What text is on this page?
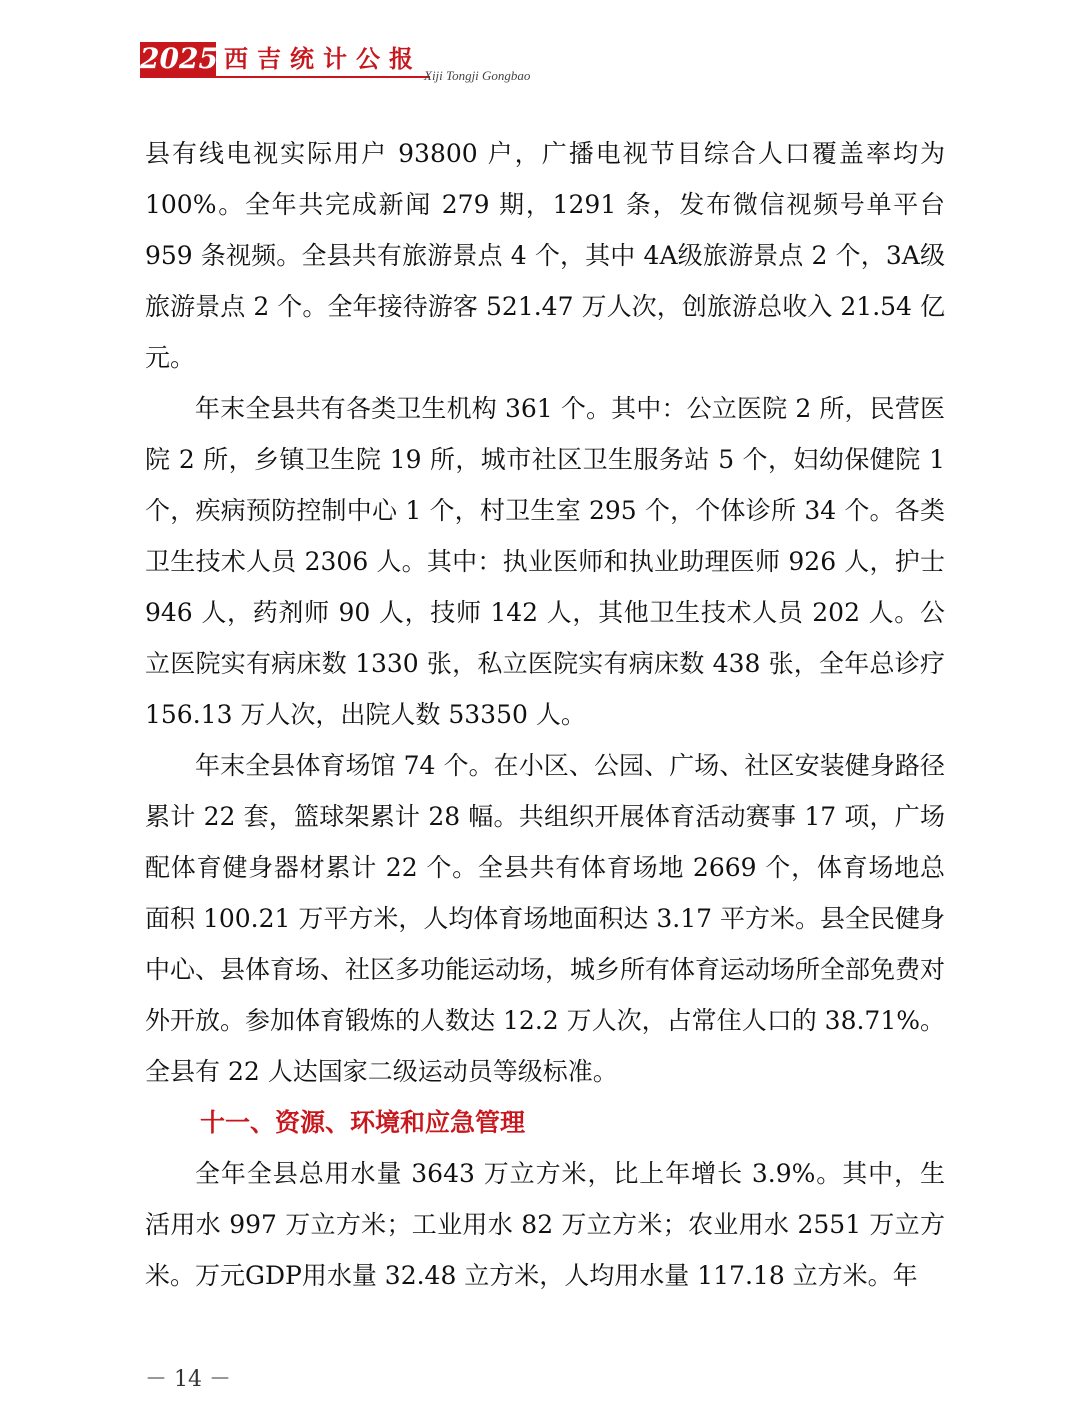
2025 西吉统计公报
Xiji Tongji Gongbao

县有线电视实际用户 93800 户，广播电视节目综合人口覆盖率均为 100%。全年共完成新闻 279 期，1291 条，发布微信视频号单平台 959 条视频。全县共有旅游景点 4 个，其中 4A级旅游景点 2 个，3A级旅游景点 2 个。全年接待游客 521.47 万人次，创旅游总收入 21.54 亿元。

年末全县共有各类卫生机构 361 个。其中：公立医院 2 所，民营医院 2 所，乡镇卫生院 19 所，城市社区卫生服务站 5 个，妇幼保健院 1 个，疾病预防控制中心 1 个，村卫生室 295 个，个体诊所 34 个。各类卫生技术人员 2306 人。其中：执业医师和执业助理医师 926 人，护士 946 人，药剂师 90 人，技师 142 人，其他卫生技术人员 202 人。公立医院实有病床数 1330 张，私立医院实有病床数 438 张，全年总诊疗 156.13 万人次，出院人数 53350 人。

年末全县体育场馆 74 个。在小区、公园、广场、社区安装健身路径累计 22 套，篮球架累计 28 幅。共组织开展体育活动赛事 17 项，广场配体育健身器材累计 22 个。全县共有体育场地 2669 个，体育场地总面积 100.21 万平方米，人均体育场地面积达 3.17 平方米。县全民健身中心、县体育场、社区多功能运动场，城乡所有体育运动场所全部免费对外开放。参加体育锻炼的人数达 12.2 万人次，占常住人口的 38.71%。全县有 22 人达国家二级运动员等级标准。

十一、资源、环境和应急管理

全年全县总用水量 3643 万立方米，比上年增长 3.9%。其中，生活用水 997 万立方米；工业用水 82 万立方米；农业用水 2551 万立方米。万元GDP用水量 32.48 立方米，人均用水量 117.18 立方米。年

－ 14 －
